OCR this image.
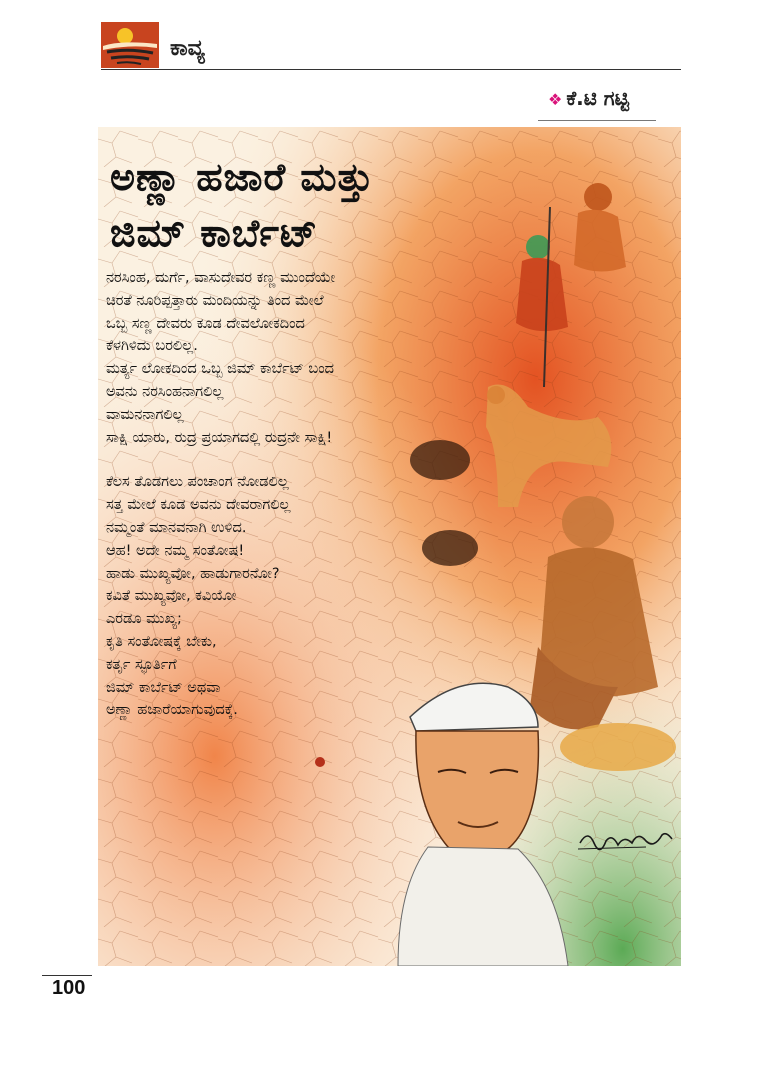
ಕಾವ್ಯ
❖ ಕೆ.ಟಿ ಗಟ್ಟಿ
ಅಣ್ಣಾ ಹಜಾರೆ ಮತ್ತು
ಜಿಮ್ ಕಾರ್ಬೆಟ್
ನರಸಿಂಹ, ದುರ್ಗೆ, ವಾಸುದೇವರ ಕಣ್ಣ ಮುಂದೆಯೇ
ಚಿರತೆ ನೂರಿಪ್ಪತ್ತಾರು ಮಂದಿಯನ್ನು ತಿಂದ ಮೇಲೆ
ಒಬ್ಬ ಸಣ್ಣ ದೇವರು ಕೂಡ ದೇವಲೋಕದಿಂದ
ಕೆಳಗಿಳಿದು ಬರಲಿಲ್ಲ.
ಮರ್ತ್ಯ ಲೋಕದಿಂದ ಒಬ್ಬ ಜಿಮ್ ಕಾರ್ಬೆಟ್ ಬಂದ
ಅವನು ನರಸಿಂಹನಾಗಲಿಲ್ಲ
ವಾಮನನಾಗಲಿಲ್ಲ
ಸಾಕ್ಷಿ ಯಾರು, ರುದ್ರ ಪ್ರಯಾಗದಲ್ಲಿ ರುದ್ರನೇ ಸಾಕ್ಷಿ!
ಕೆಲಸ ತೊಡಗಲು ಪಂಚಾಂಗ ನೋಡಲಿಲ್ಲ
ಸತ್ತ ಮೇಲೆ ಕೂಡ ಅವನು ದೇವರಾಗಲಿಲ್ಲ
ನಮ್ಮಂತೆ ಮಾನವನಾಗಿ ಉಳಿದ.
ಆಹ! ಅದೇ ನಮ್ಮ ಸಂತೋಷ!
ಹಾಡು ಮುಖ್ಯವೋ, ಹಾಡುಗಾರನೋ?
ಕವಿತೆ ಮುಖ್ಯವೋ, ಕವಿಯೋ
ಎರಡೂ ಮುಖ್ಯ;
ಕೃತಿ ಸಂತೋಷಕ್ಕೆ ಬೇಕು,
ಕರ್ತೃ ಸ್ಫೂರ್ತಿಗೆ
ಜಿಮ್ ಕಾರ್ಬೆಟ್ ಅಥವಾ
ಅಣ್ಣಾ ಹಜಾರೆಯಾಗುವುದಕ್ಕೆ.
100
